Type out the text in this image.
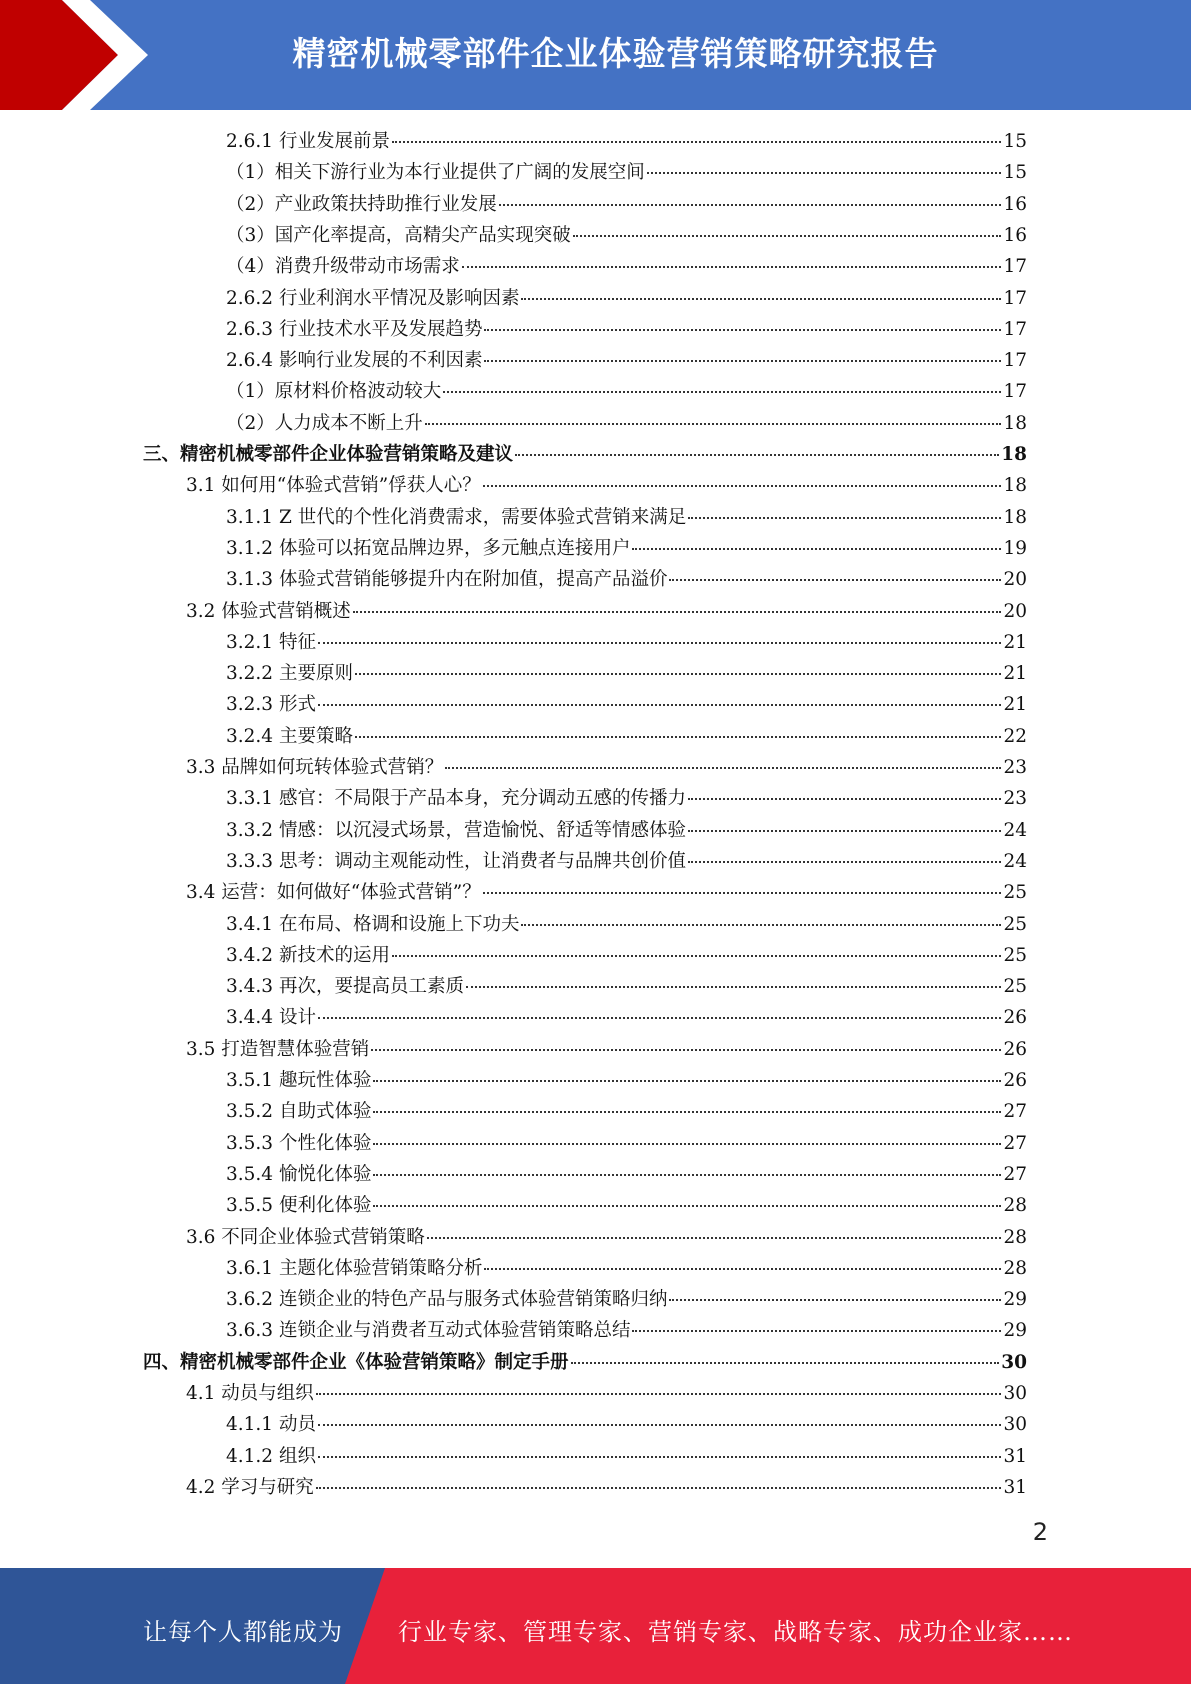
精密机械零部件企业体验营销策略研究报告
2.6.1 行业发展前景	15
（1）相关下游行业为本行业提供了广阔的发展空间	15
（2）产业政策扶持助推行业发展	16
（3）国产化率提高，高精尖产品实现突破	16
（4）消费升级带动市场需求	17
2.6.2 行业利润水平情况及影响因素	17
2.6.3 行业技术水平及发展趋势	17
2.6.4 影响行业发展的不利因素	17
（1）原材料价格波动较大	17
（2）人力成本不断上升	18
三、精密机械零部件企业体验营销策略及建议	18
3.1 如何用“体验式营销”俘获人心？	18
3.1.1 Z 世代的个性化消费需求，需要体验式营销来满足	18
3.1.2 体验可以拓宽品牌边界，多元触点连接用户	19
3.1.3 体验式营销能够提升内在附加值，提高产品溢价	20
3.2 体验式营销概述	20
3.2.1 特征	21
3.2.2 主要原则	21
3.2.3 形式	21
3.2.4 主要策略	22
3.3 品牌如何玩转体验式营销？	23
3.3.1 感官：不局限于产品本身，充分调动五感的传播力	23
3.3.2 情感：以沉浸式场景，营造愉悦、舒适等情感体验	24
3.3.3 思考：调动主观能动性，让消费者与品牌共创价值	24
3.4 运营：如何做好“体验式营销”？	25
3.4.1 在布局、格调和设施上下功夫	25
3.4.2 新技术的运用	25
3.4.3 再次，要提高员工素质	25
3.4.4 设计	26
3.5 打造智慧体验营销	26
3.5.1 趣玩性体验	26
3.5.2 自助式体验	27
3.5.3 个性化体验	27
3.5.4 愉悦化体验	27
3.5.5 便利化体验	28
3.6 不同企业体验式营销策略	28
3.6.1 主题化体验营销策略分析	28
3.6.2 连锁企业的特色产品与服务式体验营销策略归纳	29
3.6.3 连锁企业与消费者互动式体验营销策略总结	29
四、精密机械零部件企业《体验营销策略》制定手册	30
4.1 动员与组织	30
4.1.1 动员	30
4.1.2 组织	31
4.2 学习与研究	31
2
让每个人都能成为 行业专家、管理专家、营销专家、战略专家、成功企业家……
